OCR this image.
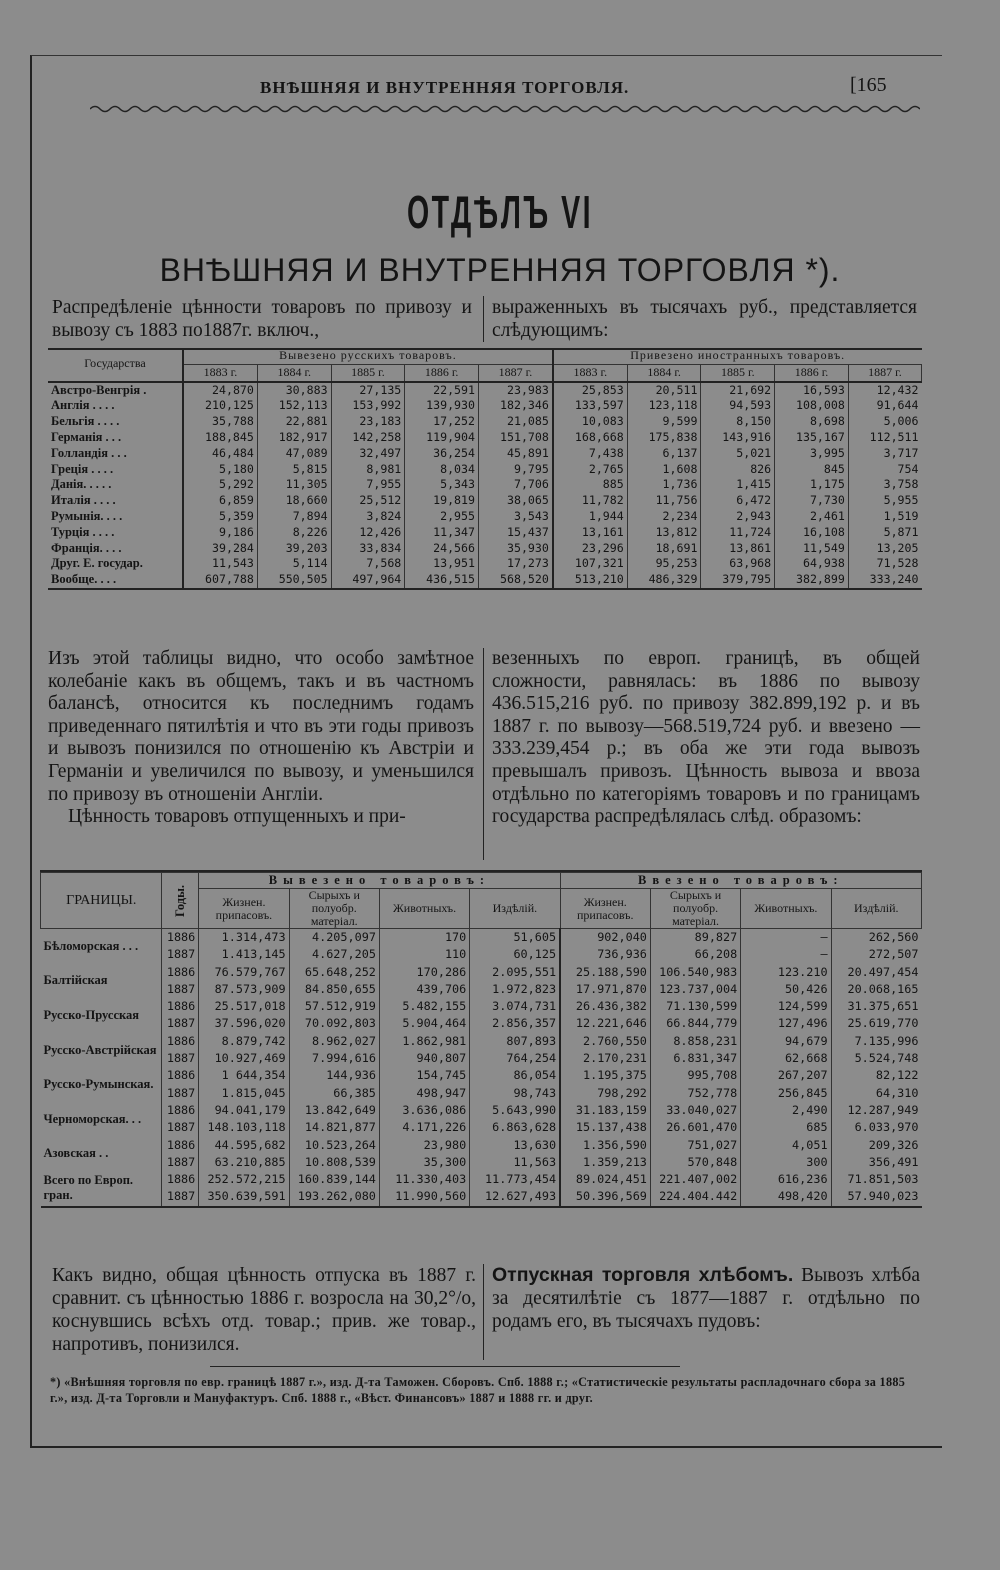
ВНѢШНЯЯ И ВНУТРЕННЯЯ ТОРГОВЛЯ.	[165
ОТДѢЛЪ VI
ВНѢШНЯЯ И ВНУТРЕННЯЯ ТОРГОВЛЯ *).
Распредѣленіе цѣнности товаровъ по привозу и вывозу съ 1883 по1887г. включ.,
выраженныхъ въ тысячахъ руб., представляется слѣдующимъ:
Государства	Вывезено русскихъ товаровъ.					Привезено иностранныхъ товаровъ.				
	1883 г.	1884 г.	1885 г.	1886 г.	1887 г.	1883 г.	1884 г.	1885 г.	1886 г.	1887 г.
Австро-Венгрія .	24,870	30,883	27,135	22,591	23,983	25,853	20,511	21,692	16,593	12,432
Англія . . . .	210,125	152,113	153,992	139,930	182,346	133,597	123,118	94,593	108,008	91,644
Бельгія . . . .	35,788	22,881	23,183	17,252	21,085	10,083	9,599	8,150	8,698	5,006
Германія . . .	188,845	182,917	142,258	119,904	151,708	168,668	175,838	143,916	135,167	112,511
Голландія . . .	46,484	47,089	32,497	36,254	45,891	7,438	6,137	5,021	3,995	3,717
Греція . . . .	5,180	5,815	8,981	8,034	9,795	2,765	1,608	826	845	754
Данія. . . . .	5,292	11,305	7,955	5,343	7,706	885	1,736	1,415	1,175	3,758
Италія . . . .	6,859	18,660	25,512	19,819	38,065	11,782	11,756	6,472	7,730	5,955
Румынія. . . .	5,359	7,894	3,824	2,955	3,543	1,944	2,234	2,943	2,461	1,519
Турція . . . .	9,186	8,226	12,426	11,347	15,437	13,161	13,812	11,724	16,108	5,871
Франція. . . .	39,284	39,203	33,834	24,566	35,930	23,296	18,691	13,861	11,549	13,205
Друг. Е. государ.	11,543	5,114	7,568	13,951	17,273	107,321	95,253	63,968	64,938	71,528
Вообще. . . .	607,788	550,505	497,964	436,515	568,520	513,210	486,329	379,795	382,899	333,240
Изъ этой таблицы видно, что особо замѣтное колебаніе какъ въ общемъ, такъ и въ частномъ балансѣ, относится къ последнимъ годамъ приведеннаго пятилѣтія и что въ эти годы привозъ и вывозъ понизился по отношенію къ Австріи и Германіи и увеличился по вывозу, и уменьшился по привозу въ отношеніи Англіи.
Цѣнность товаровъ отпущенныхъ и при-
везенныхъ по европ. границѣ, въ общей сложности, равнялась: въ 1886 по вывозу 436.515,216 руб. по привозу 382.899,192 р. и въ 1887 г. по вывозу—568.519,724 руб. и ввезено — 333.239,454 р.; въ оба же эти года вывозъ превышалъ привозъ. Цѣнность вывоза и ввоза отдѣльно по категоріямъ товаровъ и по границамъ государства распредѣлялась слѣд. образомъ:
ГРАНИЦЫ.	Годы.	Вывезено товаровъ:				Ввезено товаровъ:			
		Жизнен. припасовъ.	Сырыхъ и полуобр. матеріал.	Животныхъ.	Издѣлій.	Жизнен. припасовъ.	Сырыхъ и полуобр. матеріал.	Животныхъ.	Издѣлій.
Бѣломорская . . .	1886	1.314,473	4.205,097	170	51,605	902,040	89,827	—	262,560
	1887	1.413,145	4.627,205	110	60,125	736,936	66,208	—	272,507
Балтійская	1886	76.579,767	65.648,252	170,286	2.095,551	25.188,590	106.540,983	123.210	20.497,454
	1887	87.573,909	84.850,655	439,706	1.972,823	17.971,870	123.737,004	50,426	20.068,165
Русско-Прусская	1886	25.517,018	57.512,919	5.482,155	3.074,731	26.436,382	71.130,599	124,599	31.375,651
	1887	37.596,020	70.092,803	5.904,464	2.856,357	12.221,646	66.844,779	127,496	25.619,770
Русско-Австрійская	1886	8.879,742	8.962,027	1.862,981	807,893	2.760,550	8.858,231	94,679	7.135,996
	1887	10.927,469	7.994,616	940,807	764,254	2.170,231	6.831,347	62,668	5.524,748
Русско-Румынская.	1886	1 644,354	144,936	154,745	86,054	1.195,375	995,708	267,207	82,122
	1887	1.815,045	66,385	498,947	98,743	798,292	752,778	256,845	64,310
Черноморская. . .	1886	94.041,179	13.842,649	3.636,086	5.643,990	31.183,159	33.040,027	2,490	12.287,949
	1887	148.103,118	14.821,877	4.171,226	6.863,628	15.137,438	26.601,470	685	6.033,970
Азовская . .	1886	44.595,682	10.523,264	23,980	13,630	1.356,590	751,027	4,051	209,326
	1887	63.210,885	10.808,539	35,300	11,563	1.359,213	570,848	300	356,491
Всего по Европ. гран.	1886	252.572,215	160.839,144	11.330,403	11.773,454	89.024,451	221.407,002	616,236	71.851,503
	1887	350.639,591	193.262,080	11.990,560	12.627,493	50.396,569	224.404.442	498,420	57.940,023
Какъ видно, общая цѣнность отпуска въ 1887 г. сравнит. съ цѣнностью 1886 г. возросла на 30,2°/о, коснувшись всѣхъ отд. товар.; прив. же товар., напротивъ, понизился.
Отпускная торговля хлѣбомъ. Вывозъ хлѣба за десятилѣтіе съ 1877—1887 г. отдѣльно по родамъ его, въ тысячахъ пудовъ:
*) «Внѣшняя торговля по евр. границѣ 1887 г.», изд. Д-та Таможен. Сборовъ. Спб. 1888 г.; «Статистическіе результаты распладочнаго сбора за 1885 г.», изд. Д-та Торговли и Мануфактуръ. Спб. 1888 г., «Вѣст. Финансовъ» 1887 и 1888 гг. и друг.
